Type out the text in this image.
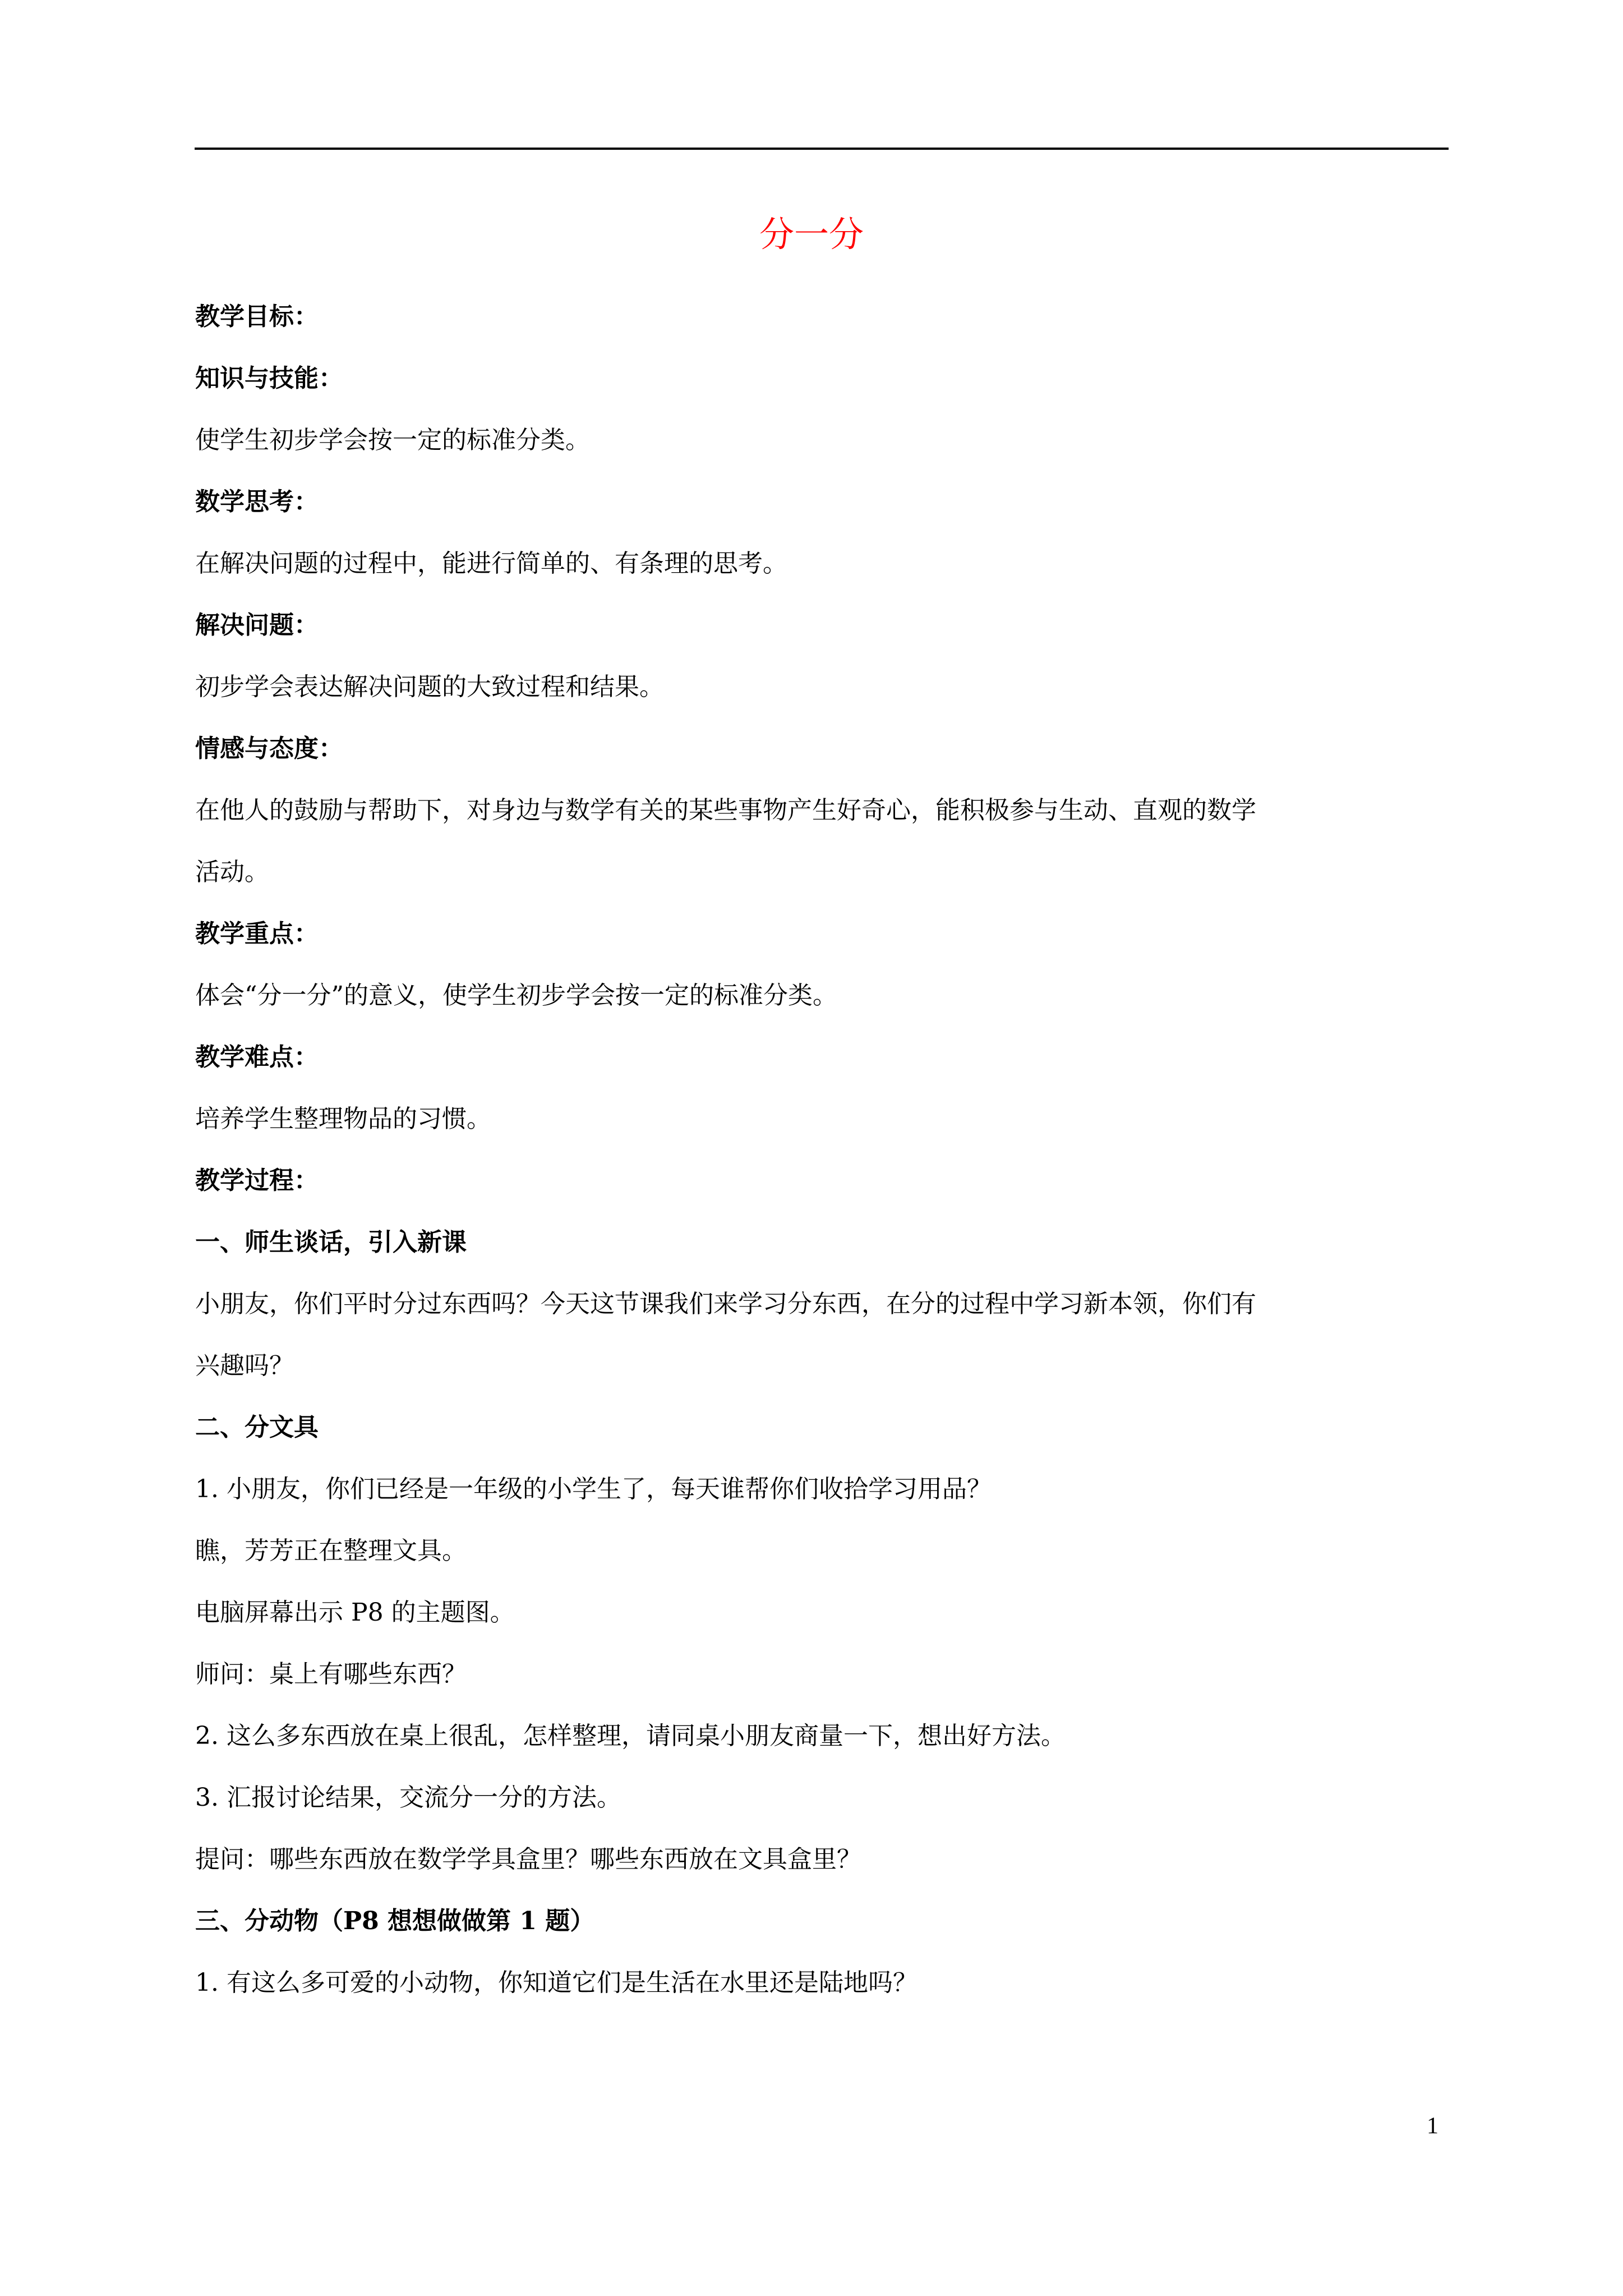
分一分

教学目标：

知识与技能：

使学生初步学会按一定的标准分类。

数学思考：

在解决问题的过程中，能进行简单的、有条理的思考。

解决问题：

初步学会表达解决问题的大致过程和结果。

情感与态度：

在他人的鼓励与帮助下，对身边与数学有关的某些事物产生好奇心，能积极参与生动、直观的数学

活动。

教学重点：

体会“分一分”的意义，使学生初步学会按一定的标准分类。

教学难点：

培养学生整理物品的习惯。

教学过程：

一、师生谈话，引入新课

小朋友，你们平时分过东西吗？今天这节课我们来学习分东西，在分的过程中学习新本领，你们有

兴趣吗？

二、分文具

1. 小朋友，你们已经是一年级的小学生了，每天谁帮你们收拾学习用品？

瞧，芳芳正在整理文具。

电脑屏幕出示 P8 的主题图。

师问：桌上有哪些东西？

2. 这么多东西放在桌上很乱，怎样整理，请同桌小朋友商量一下，想出好方法。

3. 汇报讨论结果，交流分一分的方法。

提问：哪些东西放在数学学具盒里？哪些东西放在文具盒里？

三、分动物（P8 想想做做第 1 题）

1. 有这么多可爱的小动物，你知道它们是生活在水里还是陆地吗？

1
